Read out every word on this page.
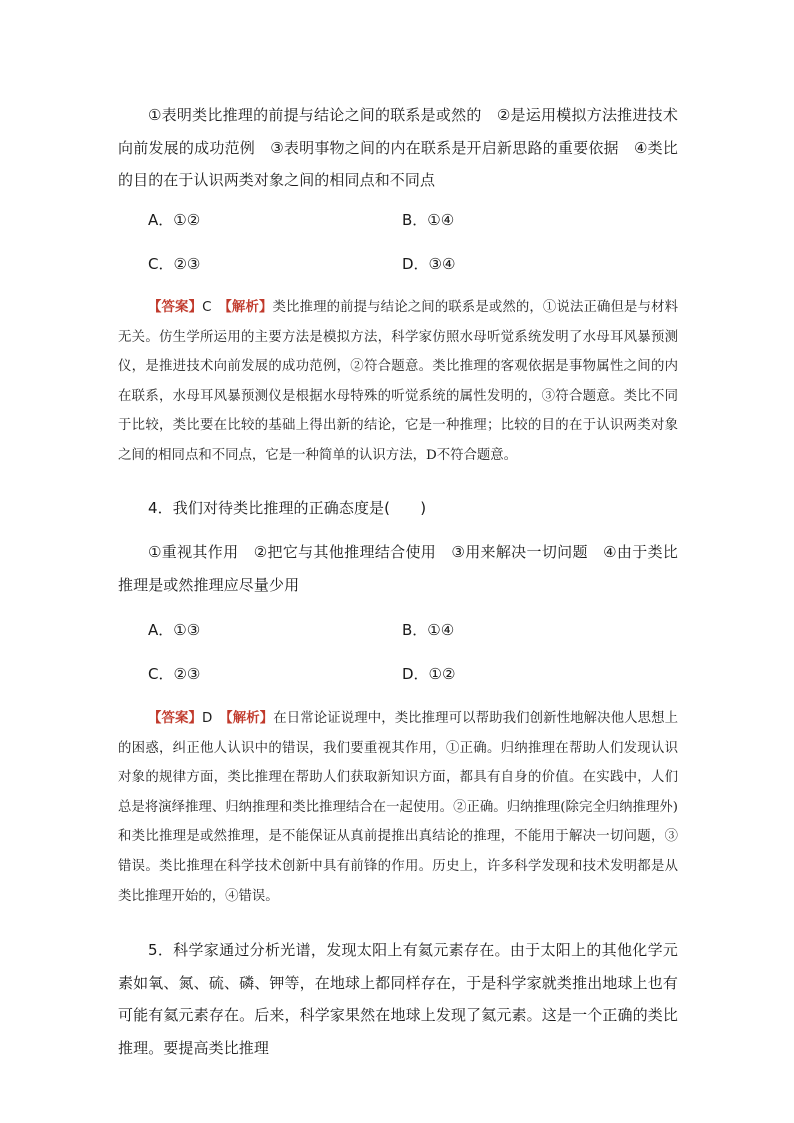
①表明类比推理的前提与结论之间的联系是或然的　②是运用模拟方法推进技术向前发展的成功范例　③表明事物之间的内在联系是开启新思路的重要依据　④类比的目的在于认识两类对象之间的相同点和不同点

A．①②	B．①④
C．②③	D．③④

【答案】C　 【解析】类比推理的前提与结论之间的联系是或然的，①说法正确但是与材料无关。仿生学所运用的主要方法是模拟方法，科学家仿照水母听觉系统发明了水母耳风暴预测仪，是推进技术向前发展的成功范例，②符合题意。类比推理的客观依据是事物属性之间的内在联系，水母耳风暴预测仪是根据水母特殊的听觉系统的属性发明的，③符合题意。类比不同于比较，类比要在比较的基础上得出新的结论，它是一种推理；比较的目的在于认识两类对象之间的相同点和不同点，它是一种简单的认识方法，D不符合题意。

4．我们对待类比推理的正确态度是(　　)

①重视其作用　②把它与其他推理结合使用　③用来解决一切问题　④由于类比推理是或然推理应尽量少用

A．①③	B．①④
C．②③	D．①②

【答案】D　 【解析】在日常论证说理中，类比推理可以帮助我们创新性地解决他人思想上的困惑，纠正他人认识中的错误，我们要重视其作用，①正确。归纳推理在帮助人们发现认识对象的规律方面，类比推理在帮助人们获取新知识方面，都具有自身的价值。在实践中，人们总是将演绎推理、归纳推理和类比推理结合在一起使用。②正确。归纳推理(除完全归纳推理外)和类比推理是或然推理，是不能保证从真前提推出真结论的推理，不能用于解决一切问题，③错误。类比推理在科学技术创新中具有前锋的作用。历史上，许多科学发现和技术发明都是从类比推理开始的，④错误。

5．科学家通过分析光谱，发现太阳上有氦元素存在。由于太阳上的其他化学元素如氧、氮、硫、磷、钾等，在地球上都同样存在，于是科学家就类推出地球上也有可能有氦元素存在。后来，科学家果然在地球上发现了氦元素。这是一个正确的类比推理。要提高类比推理
